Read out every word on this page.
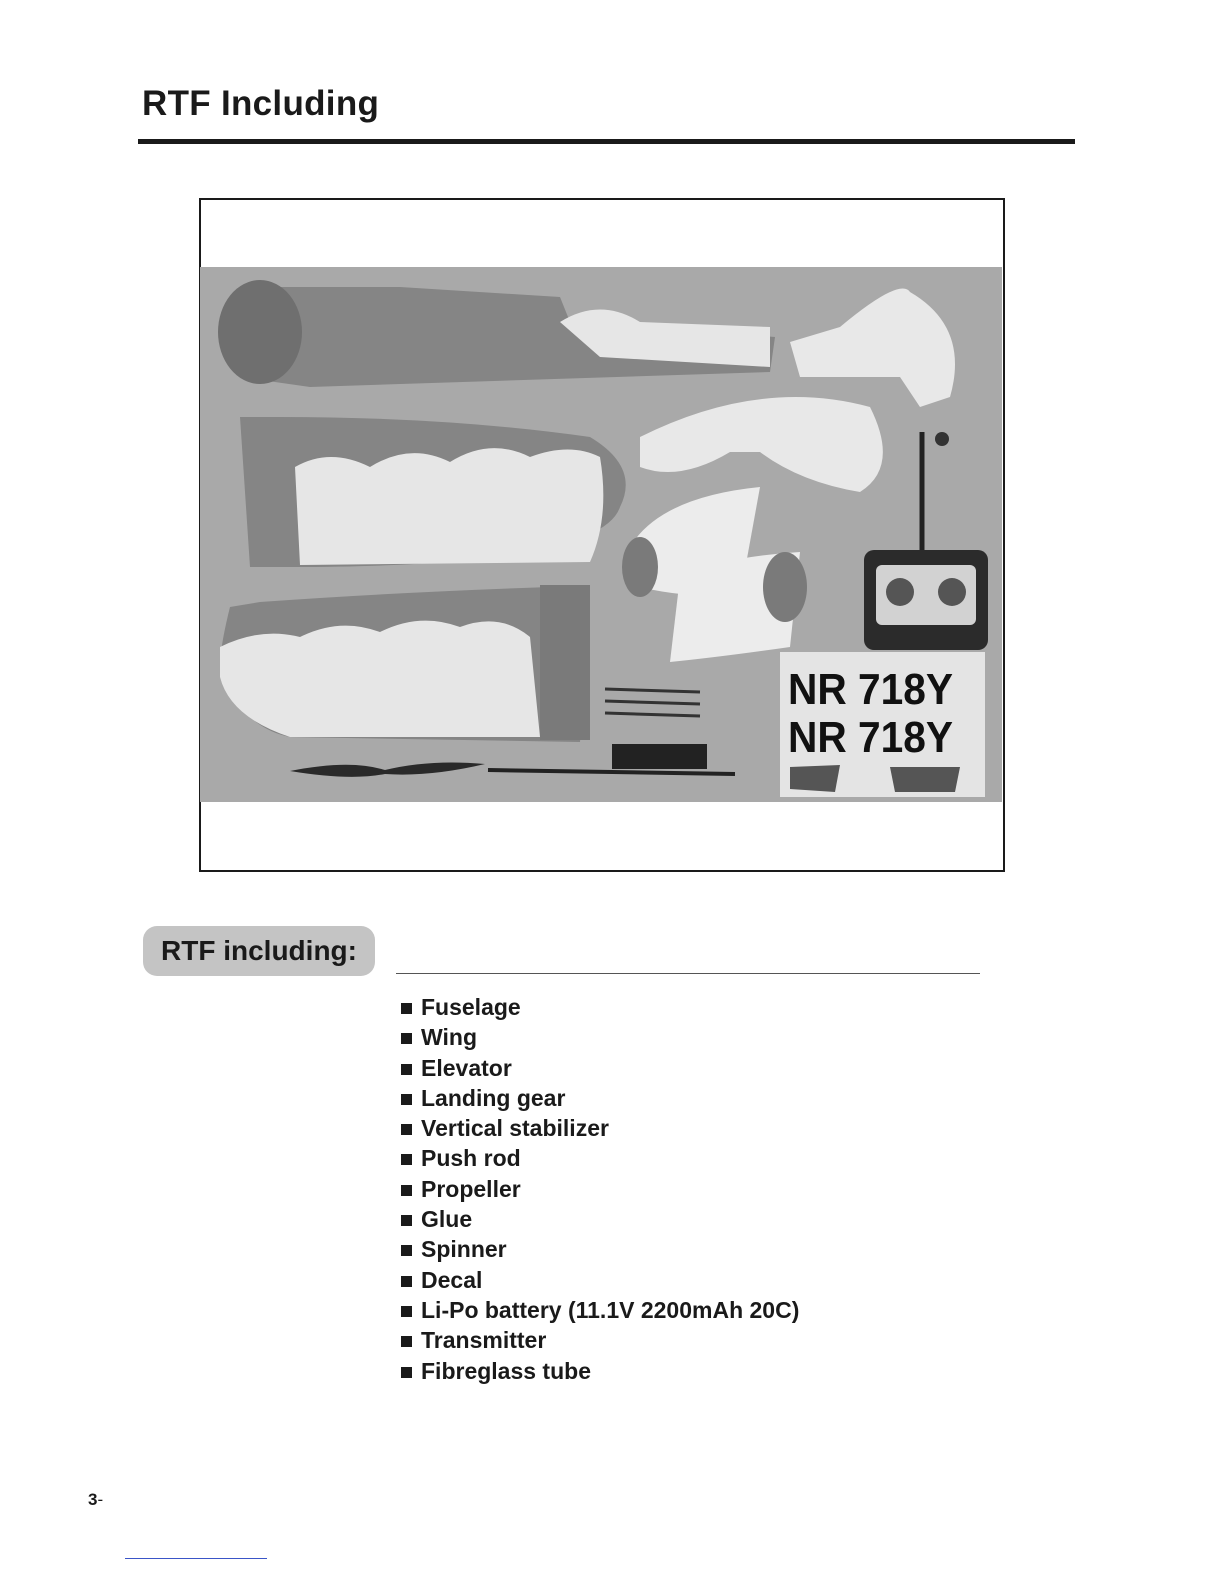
RTF Including
NR 718Y
NR 718Y
RTF including:
Fuselage
Wing
Elevator
Landing gear
Vertical stabilizer
Push rod
Propeller
Glue
Spinner
Decal
Li-Po battery (11.1V 2200mAh 20C)
Transmitter
Fibreglass tube
3-
